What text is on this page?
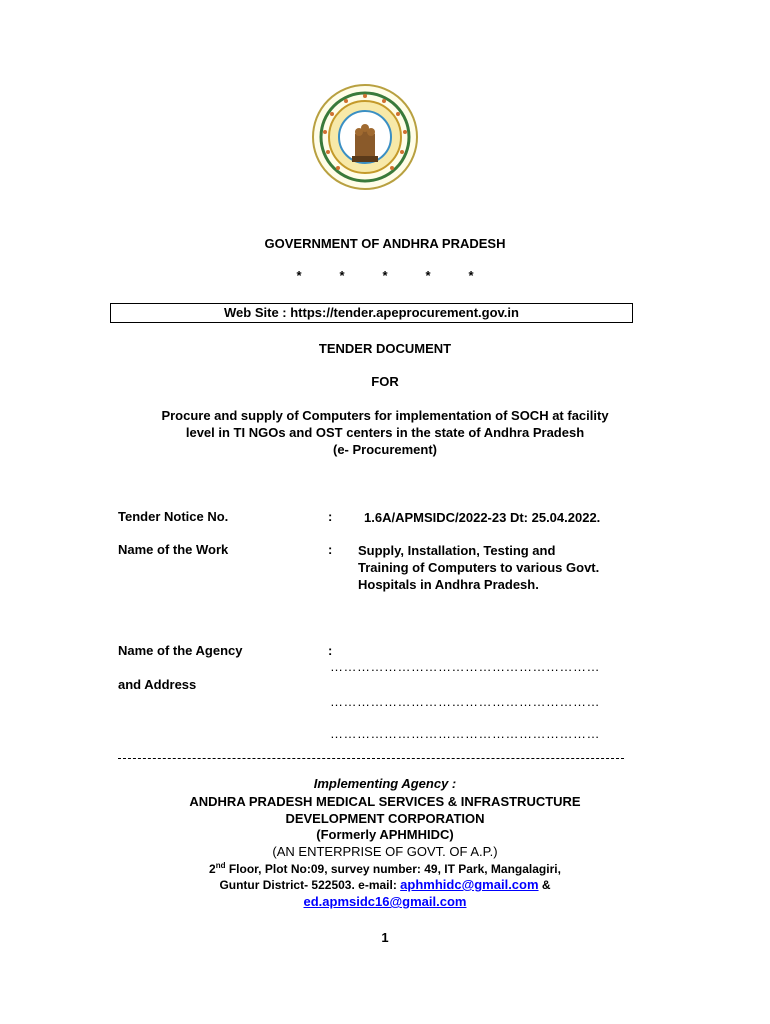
GOVERNMENT OF ANDHRA PRADESH
*	*	*	*	*
Web Site : https://tender.apeprocurement.gov.in
TENDER DOCUMENT
FOR
Procure and supply of Computers for implementation of SOCH at facility
level in TI NGOs and OST centers in the state of Andhra Pradesh
(e- Procurement)
Tender Notice No.	: 1.6A/APMSIDC/2022-23 Dt: 25.04.2022.
Name of the Work	: Supply, Installation, Testing and
Training of Computers to various Govt.
Hospitals in Andhra Pradesh.
Name of the Agency	:
……………………………………………………
and Address
……………………………………………………
……………………………………………………
Implementing Agency :
ANDHRA PRADESH MEDICAL SERVICES & INFRASTRUCTURE
DEVELOPMENT CORPORATION
(Formerly APHMHIDC)
(AN ENTERPRISE OF GOVT. OF A.P.)
2nd Floor, Plot No:09, survey number: 49, IT Park, Mangalagiri,
Guntur District- 522503. e-mail: aphmhidc@gmail.com &
ed.apmsidc16@gmail.com
1
